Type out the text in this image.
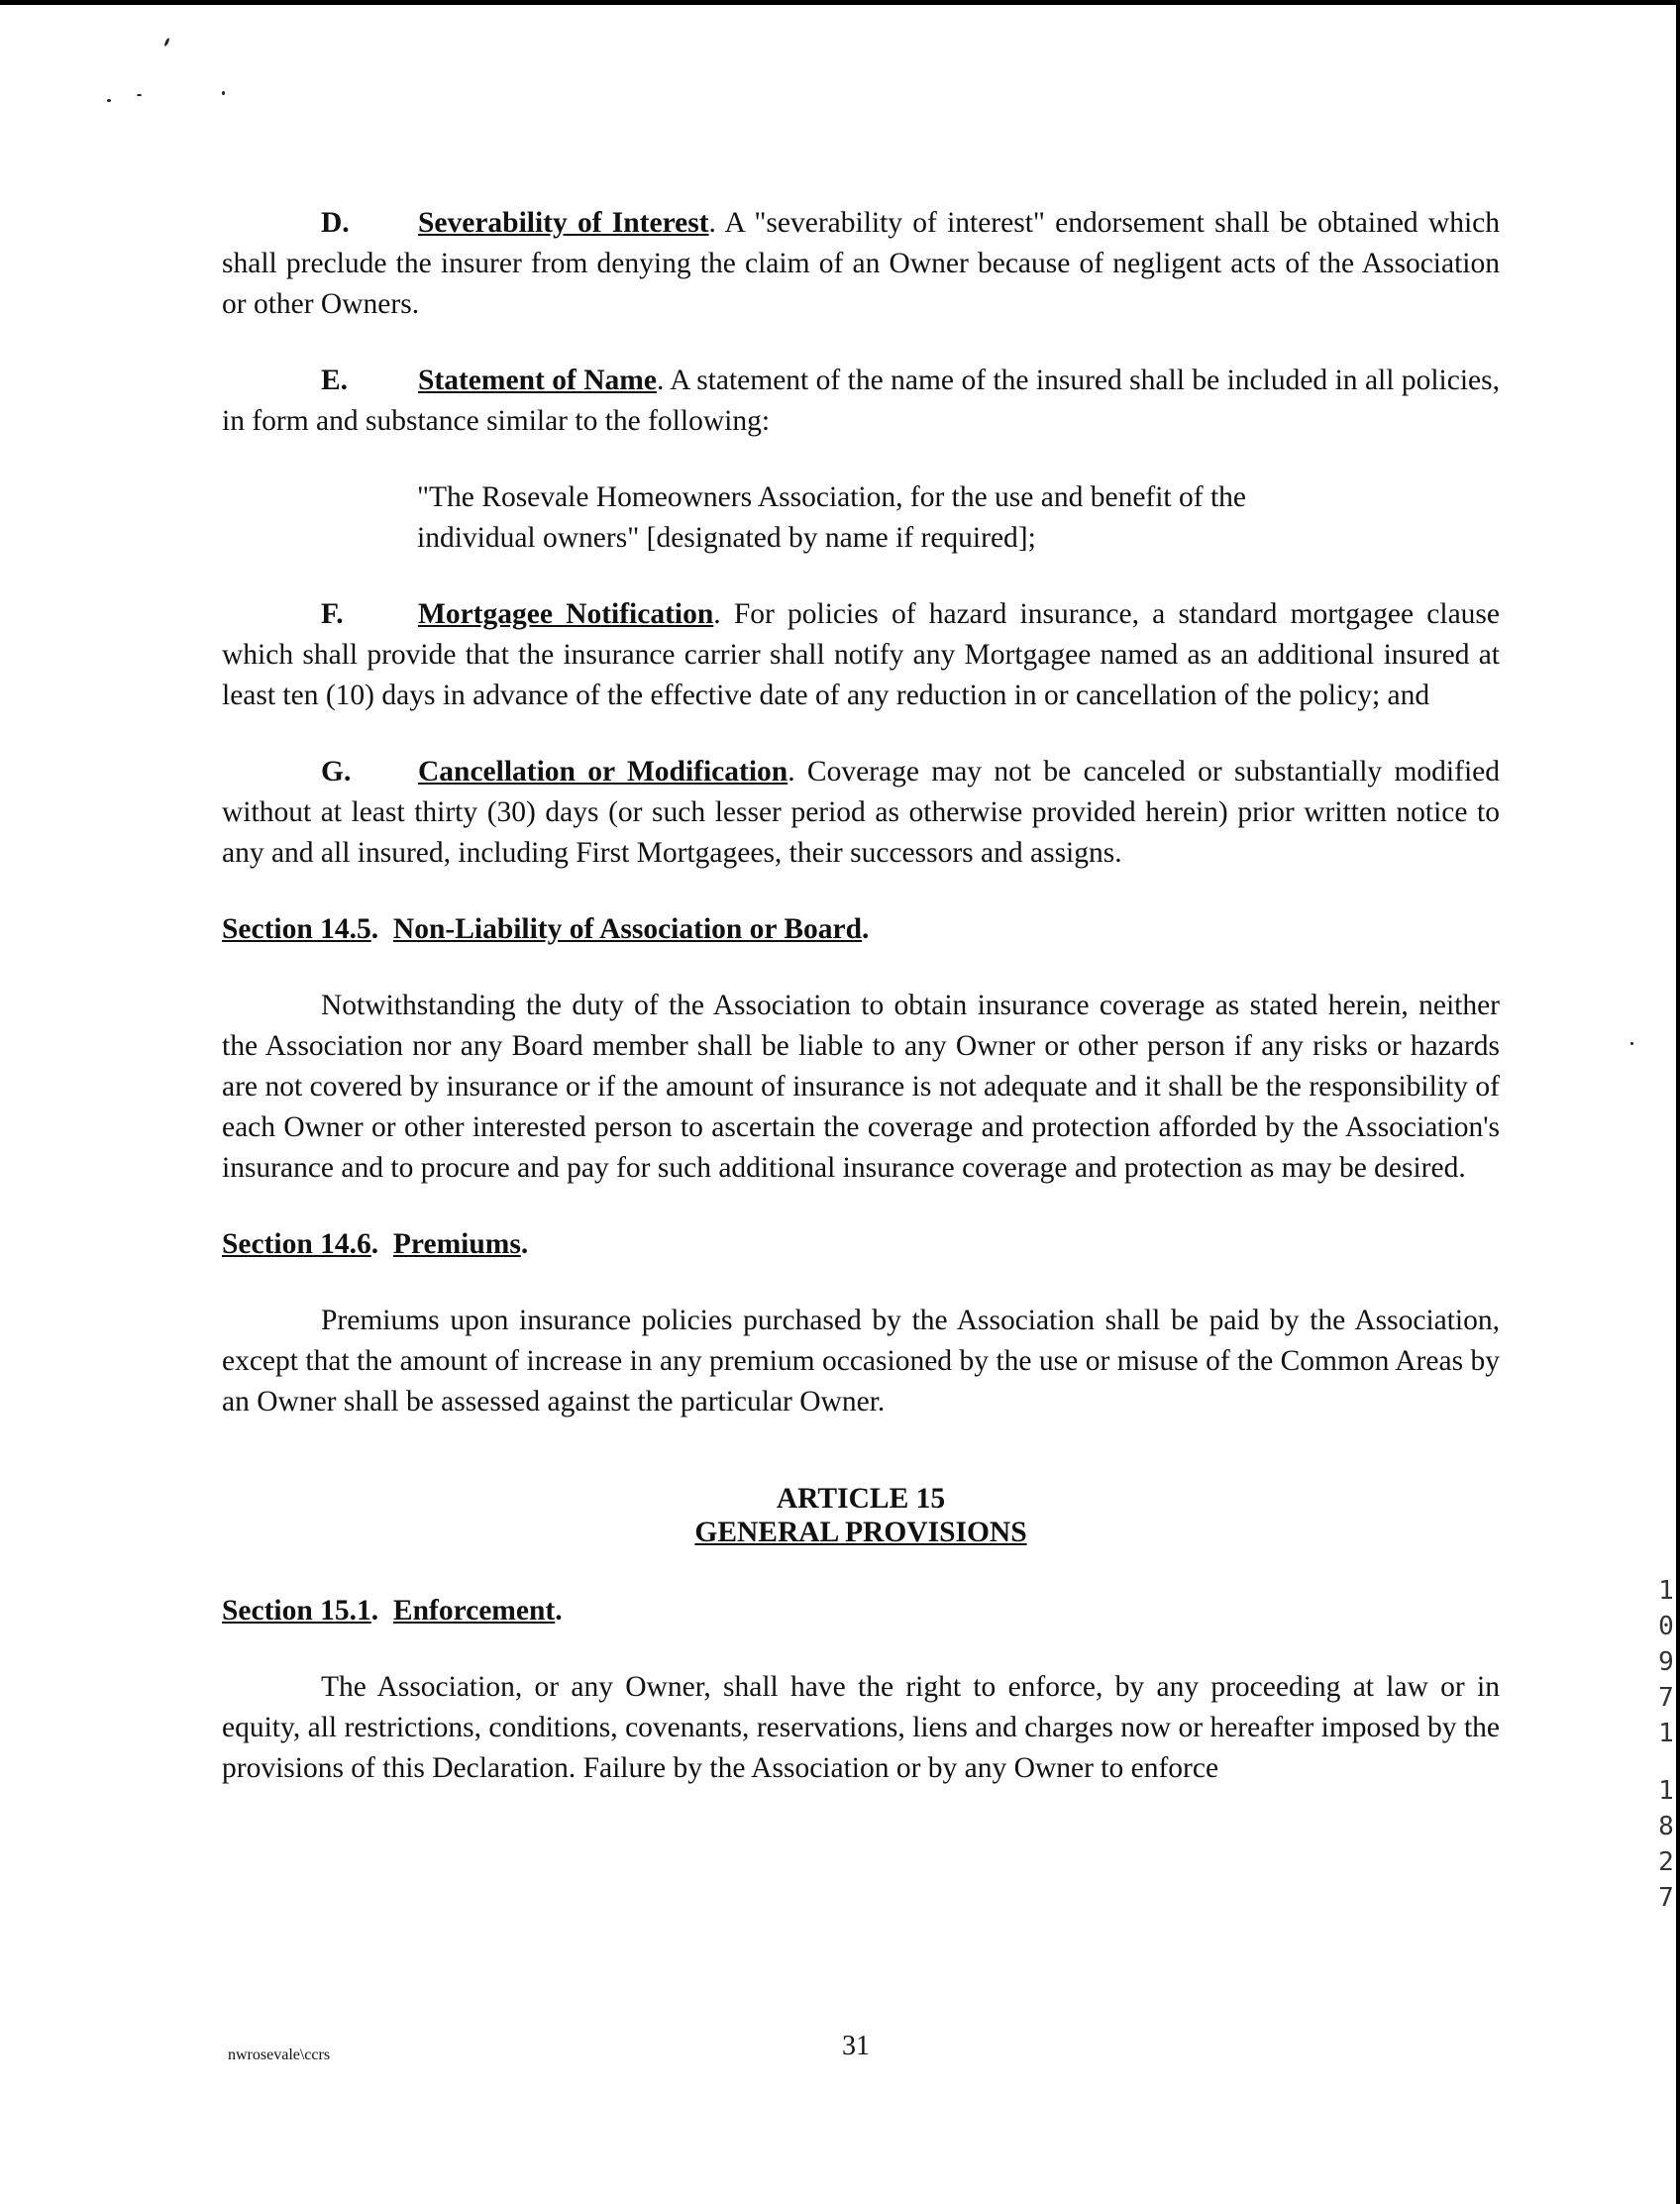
D. Severability of Interest. A "severability of interest" endorsement shall be obtained which shall preclude the insurer from denying the claim of an Owner because of negligent acts of the Association or other Owners.

E. Statement of Name. A statement of the name of the insured shall be included in all policies, in form and substance similar to the following:

"The Rosevale Homeowners Association, for the use and benefit of the individual owners" [designated by name if required];

F.	Mortgagee Notification. For policies of hazard insurance, a standard mortgagee clause which shall provide that the insurance carrier shall notify any Mortgagee named as an additional insured at least ten (10) days in advance of the effective date of any reduction in or cancellation of the policy; and

G. Cancellation or Modification. Coverage may not be canceled or substantially modified without at least thirty (30) days (or such lesser period as otherwise provided herein) prior written notice to any and all insured, including First Mortgagees, their successors and assigns.

Section 14.5.  Non-Liability of Association or Board.

Notwithstanding the duty of the Association to obtain insurance coverage as stated herein, neither the Association nor any Board member shall be liable to any Owner or other person if any risks or hazards are not covered by insurance or if the amount of insurance is not adequate and it shall be the responsibility of each Owner or other interested person to ascertain the coverage and protection afforded by the Association's insurance and to procure and pay for such additional insurance coverage and protection as may be desired.

Section 14.6.  Premiums.

Premiums upon insurance policies purchased by the Association shall be paid by the Association, except that the amount of increase in any premium occasioned by the use or misuse of the Common Areas by an Owner shall be assessed against the particular Owner.

ARTICLE 15
GENERAL PROVISIONS

Section 15.1.  Enforcement.

The Association, or any Owner, shall have the right to enforce, by any proceeding at law or in equity, all restrictions, conditions, covenants, reservations, liens and charges now or hereafter imposed by the provisions of this Declaration. Failure by the Association or by any Owner to enforce

nwrosevale\ccrs	31
1
0
9
7
1
1
8
2
7
